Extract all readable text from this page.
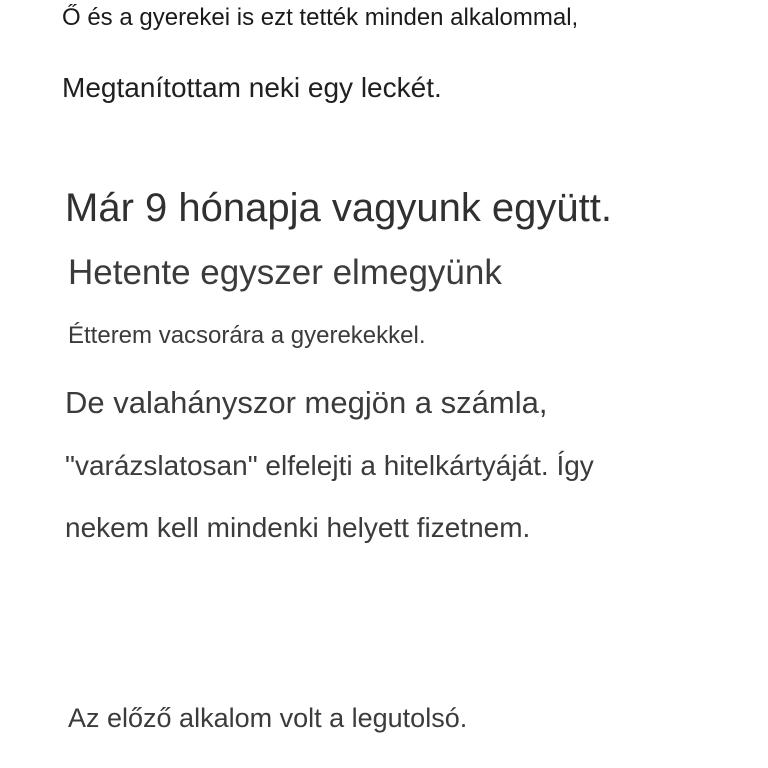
Ő és a gyerekei is ezt tették minden alkalommal,

Megtanítottam neki egy leckét.

Már 9 hónapja vagyunk együtt.

Hetente egyszer elmegyünk

Étterem vacsorára a gyerekekkel.

De valahányszor megjön a számla,

"varázslatosan" elfelejti a hitelkártyáját. Így

nekem kell mindenki helyett fizetnem.

Az előző alkalom volt a legutolsó.
